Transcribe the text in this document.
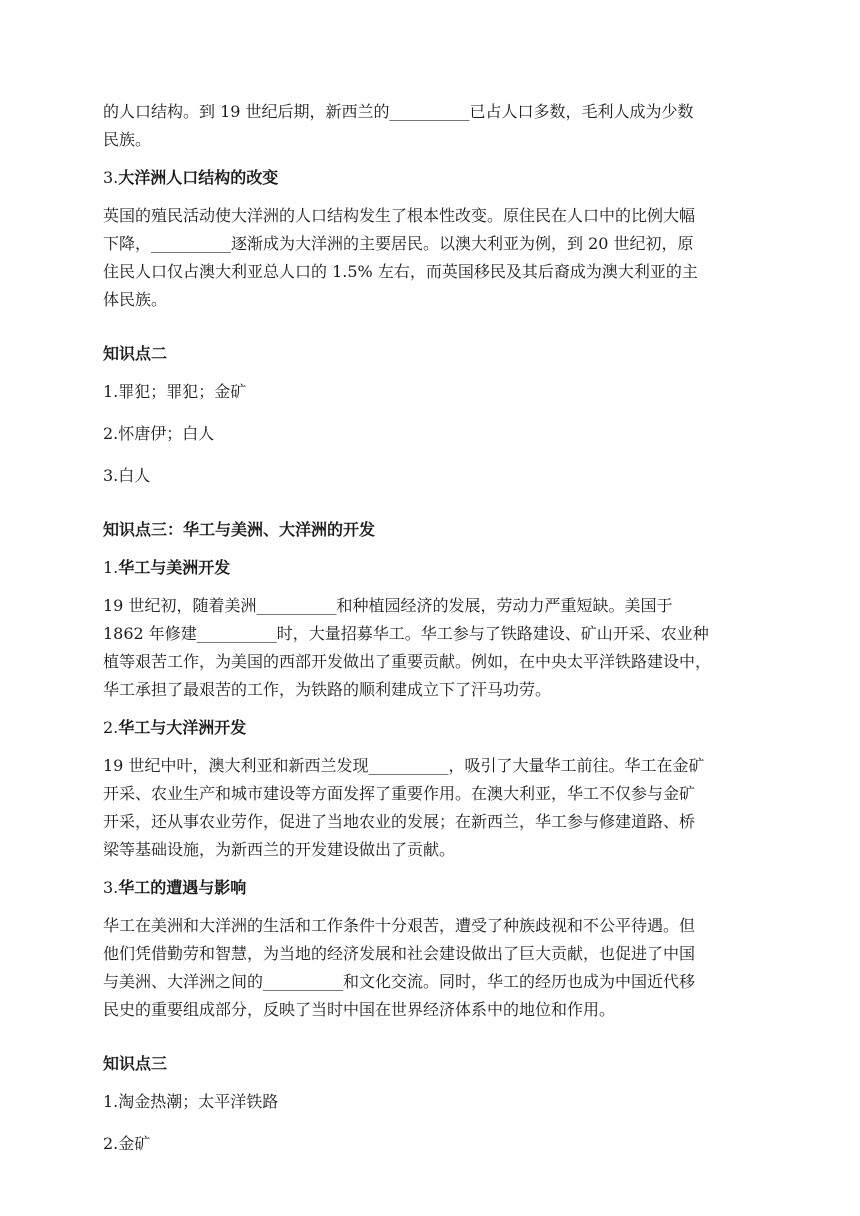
的人口结构。到 19 世纪后期，新西兰的__________已占人口多数，毛利人成为少数

民族。

3.大洋洲人口结构的改变

英国的殖民活动使大洋洲的人口结构发生了根本性改变。原住民在人口中的比例大幅

下降，__________逐渐成为大洋洲的主要居民。以澳大利亚为例，到 20 世纪初，原

住民人口仅占澳大利亚总人口的 1.5% 左右，而英国移民及其后裔成为澳大利亚的主

体民族。

知识点二

1.罪犯；罪犯；金矿

2.怀唐伊；白人

3.白人

知识点三：华工与美洲、大洋洲的开发

1.华工与美洲开发

19 世纪初，随着美洲__________和种植园经济的发展，劳动力严重短缺。美国于

1862 年修建__________时，大量招募华工。华工参与了铁路建设、矿山开采、农业种

植等艰苦工作，为美国的西部开发做出了重要贡献。例如，在中央太平洋铁路建设中，

华工承担了最艰苦的工作，为铁路的顺利建成立下了汗马功劳。

2.华工与大洋洲开发

19 世纪中叶，澳大利亚和新西兰发现__________，吸引了大量华工前往。华工在金矿

开采、农业生产和城市建设等方面发挥了重要作用。在澳大利亚，华工不仅参与金矿

开采，还从事农业劳作，促进了当地农业的发展；在新西兰，华工参与修建道路、桥

梁等基础设施，为新西兰的开发建设做出了贡献。

3.华工的遭遇与影响

华工在美洲和大洋洲的生活和工作条件十分艰苦，遭受了种族歧视和不公平待遇。但

他们凭借勤劳和智慧，为当地的经济发展和社会建设做出了巨大贡献，也促进了中国

与美洲、大洋洲之间的__________和文化交流。同时，华工的经历也成为中国近代移

民史的重要组成部分，反映了当时中国在世界经济体系中的地位和作用。

知识点三

1.淘金热潮；太平洋铁路

2.金矿
